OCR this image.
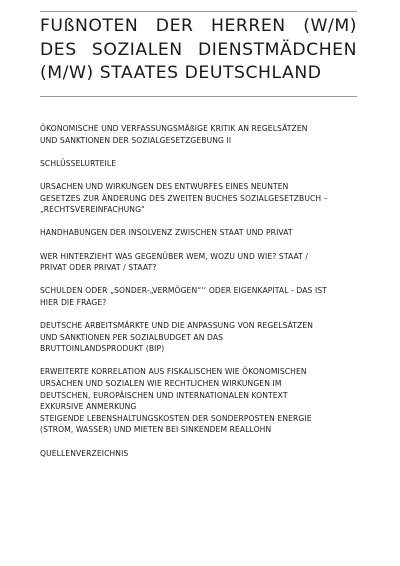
FUßNOTEN DER HERREN (W/M) DES SOZIALEN DIENSTMÄDCHEN (M/W) STAATES DEUTSCHLAND
ÖKONOMISCHE UND VERFASSUNGSMÄßIGE KRITIK AN REGELSÄTZEN
UND SANKTIONEN DER SOZIALGESETZGEBUNG II
SCHLÜSSELURTEILE
URSACHEN UND WIRKUNGEN DES ENTWURFES EINES NEUNTEN
GESETZES ZUR ÄNDERUNG DES ZWEITEN BUCHES SOZIALGESETZBUCH –
„RECHTSVEREINFACHUNG“
HANDHABUNGEN DER INSOLVENZ ZWISCHEN STAAT UND PRIVAT
WER HINTERZIEHT WAS GEGENÜBER WEM, WOZU UND WIE? STAAT /
PRIVAT ODER PRIVAT / STAAT?
SCHULDEN ODER „SONDER-„VERMÖGEN“‘‘ ODER EIGENKAPITAL - DAS IST
HIER DIE FRAGE?
DEUTSCHE ARBEITSMÄRKTE UND DIE ANPASSUNG VON REGELSÄTZEN
UND SANKTIONEN PER SOZIALBUDGET AN DAS
BRUTTOINLANDSPRODUKT (BIP)
ERWEITERTE KORRELATION AUS FISKALISCHEN WIE ÖKONOMISCHEN
URSACHEN UND SOZIALEN WIE RECHTLICHEN WIRKUNGEN IM
DEUTSCHEN, EUROPÄISCHEN UND INTERNATIONALEN KONTEXT
EXKURSIVE ANMERKUNG
STEIGENDE LEBENSHALTUNGSKOSTEN DER SONDERPOSTEN ENERGIE
(STROM, WASSER) UND MIETEN BEI SINKENDEM REALLOHN
QUELLENVERZEICHNIS
